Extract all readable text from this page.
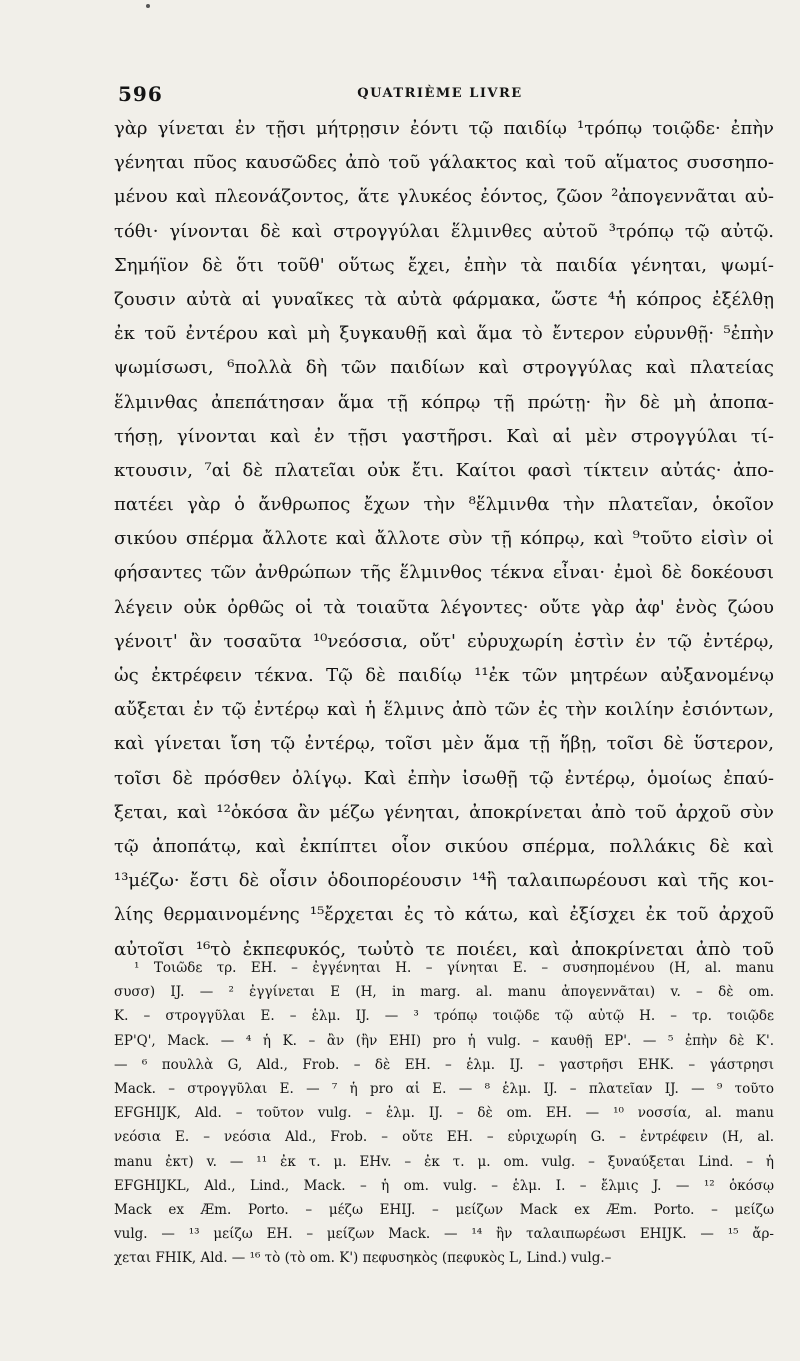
596	QUATRIÈME LIVRE
γὰρ γίνεται ἐν τῇσι μήτρῃσιν ἐόντι τῷ παιδίῳ ¹τρόπῳ τοιῷδε· ἐπὴν
γένηται πῦος καυσῶδες ἀπὸ τοῦ γάλακτος καὶ τοῦ αἵματος συσσηπο-
μένου καὶ πλεονάζοντος, ἅτε γλυκέος ἐόντος, ζῶον ²ἀπογεννᾶται αὐ-
τόθι· γίνονται δὲ καὶ στρογγύλαι ἕλμινθες αὐτοῦ ³τρόπῳ τῷ αὐτῷ.
Σημήϊον δὲ ὅτι τοῦθ' οὕτως ἔχει, ἐπὴν τὰ παιδία γένηται, ψωμί-
ζουσιν αὐτὰ αἱ γυναῖκες τὰ αὐτὰ φάρμακα, ὥστε ⁴ἡ κόπρος ἐξέλθῃ
ἐκ τοῦ ἐντέρου καὶ μὴ ξυγκαυθῇ καὶ ἅμα τὸ ἔντερον εὐρυνθῇ· ⁵ἐπὴν
ψωμίσωσι, ⁶πολλὰ δὴ τῶν παιδίων καὶ στρογγύλας καὶ πλατείας
ἕλμινθας ἀπεπάτησαν ἅμα τῇ κόπρῳ τῇ πρώτῃ· ἢν δὲ μὴ ἀποπα-
τήσῃ, γίνονται καὶ ἐν τῇσι γαστῆρσι. Καὶ αἱ μὲν στρογγύλαι τί-
κτουσιν, ⁷αἱ δὲ πλατεῖαι οὐκ ἔτι. Καίτοι φασὶ τίκτειν αὐτάς· ἀπο-
πατέει γὰρ ὁ ἄνθρωπος ἔχων τὴν ⁸ἕλμινθα τὴν πλατεῖαν, ὁκοῖον
σικύου σπέρμα ἄλλοτε καὶ ἄλλοτε σὺν τῇ κόπρῳ, καὶ ⁹τοῦτο εἰσὶν οἱ
φήσαντες τῶν ἀνθρώπων τῆς ἕλμινθος τέκνα εἶναι· ἐμοὶ δὲ δοκέουσι
λέγειν οὐκ ὀρθῶς οἱ τὰ τοιαῦτα λέγοντες· οὔτε γὰρ ἀφ' ἑνὸς ζώου
γένοιτ' ἂν τοσαῦτα ¹⁰νεόσσια, οὔτ' εὐρυχωρίη ἐστὶν ἐν τῷ ἐντέρῳ,
ὡς ἐκτρέφειν τέκνα. Τῷ δὲ παιδίῳ ¹¹ἐκ τῶν μητρέων αὐξανομένῳ
αὔξεται ἐν τῷ ἐντέρῳ καὶ ἡ ἕλμινς ἀπὸ τῶν ἐς τὴν κοιλίην ἐσιόντων,
καὶ γίνεται ἴση τῷ ἐντέρῳ, τοῖσι μὲν ἅμα τῇ ἥβῃ, τοῖσι δὲ ὕστερον,
τοῖσι δὲ πρόσθεν ὀλίγῳ. Καὶ ἐπὴν ἰσωθῇ τῷ ἐντέρῳ, ὁμοίως ἐπαύ-
ξεται, καὶ ¹²ὁκόσα ἂν μέζω γένηται, ἀποκρίνεται ἀπὸ τοῦ ἀρχοῦ σὺν
τῷ ἀποπάτῳ, καὶ ἐκπίπτει οἷον σικύου σπέρμα, πολλάκις δὲ καὶ
¹³μέζω· ἔστι δὲ οἷσιν ὁδοιπορέουσιν ¹⁴ἢ ταλαιπωρέουσι καὶ τῆς κοι-
λίης θερμαινομένης ¹⁵ἔρχεται ἐς τὸ κάτω, καὶ ἐξίσχει ἐκ τοῦ ἀρχοῦ
αὐτοῖσι ¹⁶τὸ ἐκπεφυκός, τωὐτὸ τε ποιέει, καὶ ἀποκρίνεται ἀπὸ τοῦ
¹ Τοιῶδε τρ. EH. – ἐγγένηται H. – γίνηται E. – συσηπομένου (H, al. manu
συσσ) IJ. — ² ἐγγίνεται E (H, in marg. al. manu ἀπογεννᾶται) v. – δὲ om.
K. – στρογγῦλαι E. – ἑλμ. IJ. — ³ τρόπῳ τοιῷδε τῷ αὐτῷ H. – τρ. τοιῷδε
EP'Q', Mack. — ⁴ ἡ K. – ἂν (ἢν EHI) pro ἡ vulg. – καυθῇ EP'. — ⁵ ἐπὴν δὲ K'.
— ⁶ πουλλὰ G, Ald., Frob. – δὲ EH. – ἑλμ. IJ. – γαστρῆσι EHK. – γάστρησι
Mack. – στρογγῦλαι E. — ⁷ ἡ pro αἱ E. — ⁸ ἑλμ. IJ. – πλατεῖαν IJ. — ⁹ τοῦτο
EFGHIJK, Ald. – τοῦτον vulg. – ἑλμ. IJ. – δὲ om. EH. — ¹⁰ νοσσία, al. manu
νεόσια E. – νεόσια Ald., Frob. – οὔτε EH. – εὐριχωρίη G. – ἐντρέφειν (H, al.
manu ἐκτ) v. — ¹¹ ἐκ τ. μ. EHv. – ἐκ τ. μ. om. vulg. – ξυναύξεται Lind. – ἡ
EFGHIJKL, Ald., Lind., Mack. – ἡ om. vulg. – ἑλμ. I. – ἔλμις J. — ¹² ὁκόσῳ
Mack ex Æm. Porto. – μέζω EHIJ. – μείζων Mack ex Æm. Porto. – μείζω
vulg. — ¹³ μείζω EH. – μείζων Mack. — ¹⁴ ἢν ταλαιπωρέωσι EHIJK. — ¹⁵ ἄρ-
χεται FHIK, Ald. — ¹⁶ τὸ (τὸ om. K') πεφυσηκὸς (πεφυκὸς L, Lind.) vulg.–
